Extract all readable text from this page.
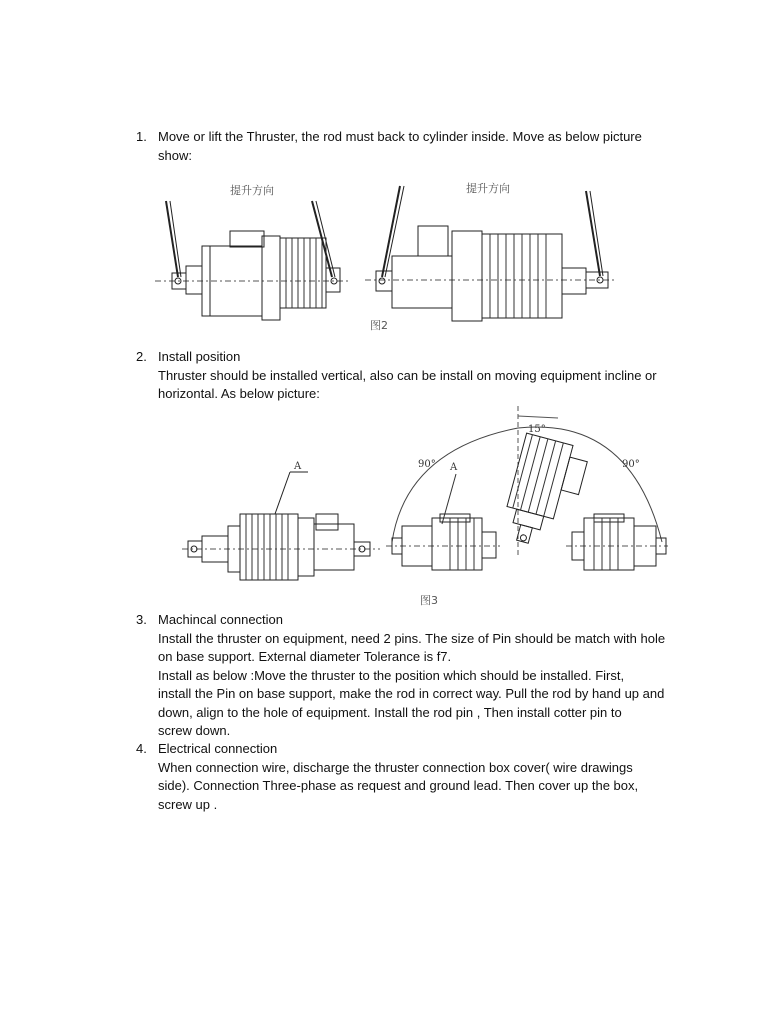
1. Move or lift the Thruster, the rod must back to cylinder inside. Move as below picture
show:
提升方向	提升方向
图2
2. Install position
Thruster should be installed vertical, also can be install on moving equipment incline or
horizontal. As below picture:
A	90°
15°
90°
A
图3
3. Machincal connection
Install the thruster on equipment, need 2 pins. The size of Pin should be match with hole
on base support. External diameter Tolerance is f7.
Install as below :Move the thruster to the position which should be installed. First,
install the Pin on base support, make the rod in correct way. Pull the rod by hand up and
down, align to the hole of equipment. Install the rod pin , Then install cotter pin to
screw down.
4. Electrical connection
When connection wire, discharge the thruster connection box cover( wire drawings
side). Connection Three-phase as request and ground lead. Then cover up the box,
screw up .
